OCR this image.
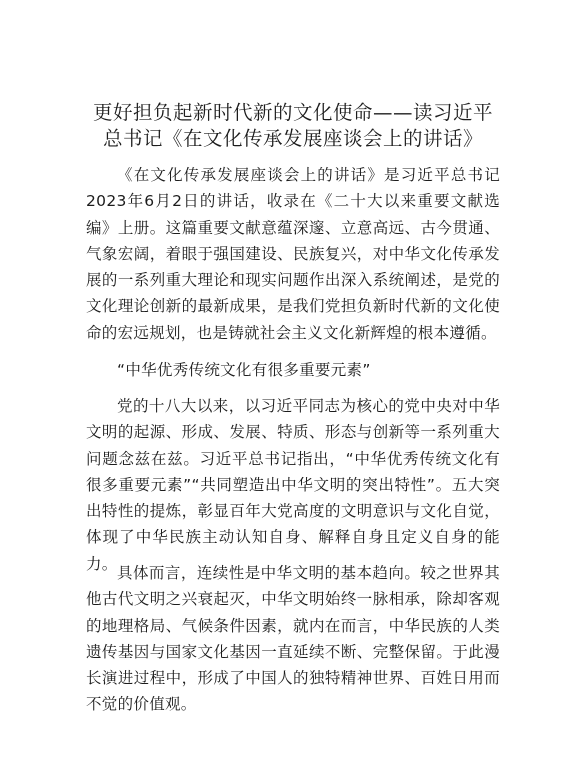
更好担负起新时代新的文化使命——读习近平
总书记《在文化传承发展座谈会上的讲话》
《在文化传承发展座谈会上的讲话》是习近平总书记2023年6月2日的讲话，收录在《二十大以来重要文献选编》上册。这篇重要文献意蕴深邃、立意高远、古今贯通、气象宏阔，着眼于强国建设、民族复兴，对中华文化传承发展的一系列重大理论和现实问题作出深入系统阐述，是党的文化理论创新的最新成果，是我们党担负新时代新的文化使命的宏远规划，也是铸就社会主义文化新辉煌的根本遵循。
“中华优秀传统文化有很多重要元素”
党的十八大以来，以习近平同志为核心的党中央对中华文明的起源、形成、发展、特质、形态与创新等一系列重大问题念兹在兹。习近平总书记指出，“中华优秀传统文化有很多重要元素”“共同塑造出中华文明的突出特性”。五大突出特性的提炼，彰显百年大党高度的文明意识与文化自觉，体现了中华民族主动认知自身、解释自身且定义自身的能力。
具体而言，连续性是中华文明的基本趋向。较之世界其他古代文明之兴衰起灭，中华文明始终一脉相承，除却客观的地理格局、气候条件因素，就内在而言，中华民族的人类遗传基因与国家文化基因一直延续不断、完整保留。于此漫长演进过程中，形成了中国人的独特精神世界、百姓日用而不觉的价值观。
